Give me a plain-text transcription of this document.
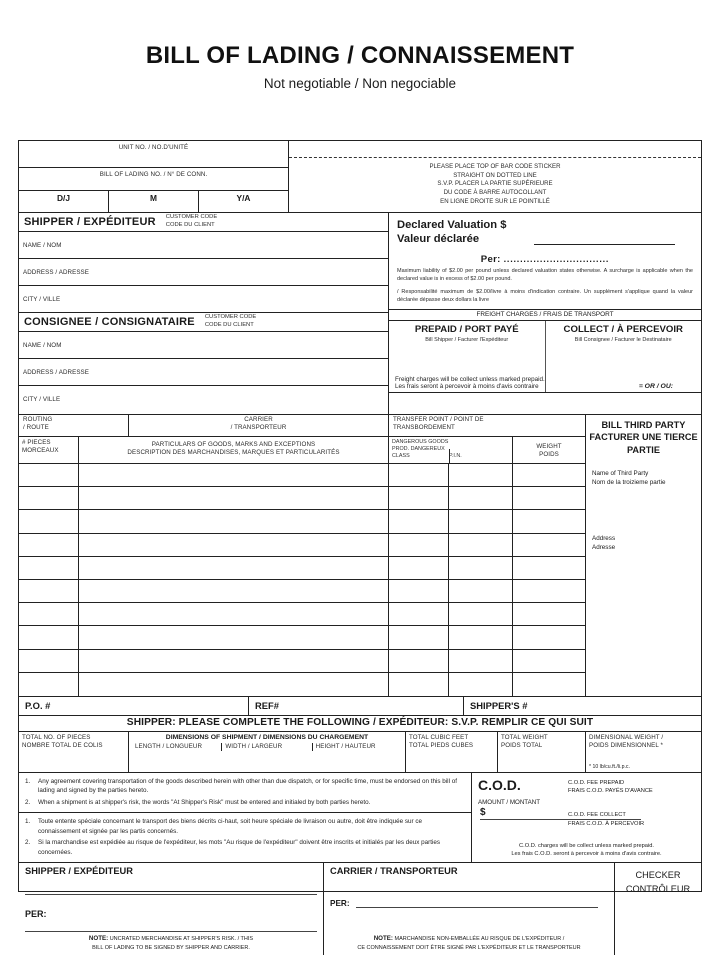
BILL OF LADING / CONNAISSEMENT
Not negotiable / Non negociable
UNIT NO. / NO.D'UNITÉ
BILL OF LADING NO. / N° DE CONN.
D/J	M	Y/A
PLEASE PLACE TOP OF BAR CODE STICKER
STRAIGHT ON DOTTED LINE
S.V.P. PLACER LA PARTIE SUPÉRIEURE
DU CODE À BARRE AUTOCOLLANT
EN LIGNE DROITE SUR LE POINTILLÉ
SHIPPER / EXPÉDITEUR CUSTOMER CODE
CODE DU CLIENT
NAME / NOM
ADDRESS / ADRESSE
CITY / VILLE
CONSIGNEE / CONSIGNATAIRE CUSTOMER CODE
CODE DU CLIENT
NAME / NOM
ADDRESS / ADRESSE
CITY / VILLE
Declared Valuation $
Valeur déclarée
Per: ................................
Maximum liability of $2.00 per pound unless declared valuation states otherwise. A surcharge is applicable when the declared value is in excess of $2.00 per pound.
/ Responsabilité maximum de $2.00/livre à moins d'indication contraire. Un supplément s'applique quand la valeur déclarée dépasse deux dollars la livre
FREIGHT CHARGES / FRAIS DE TRANSPORT
PREPAID / PORT PAYÉ
Bill Shipper / Facturer l'Expéditeur
COLLECT / À PERCEVOIR
Bill Consignee / Facturer le Destinataire
Freight charges will be collect unless marked prepaid.
Les frais seront à percevoir à moins d'avis contraire	= OR / OU:
ROUTING
/ ROUTE
CARRIER
/ TRANSPORTEUR
# PIECES
MORCEAUX
PARTICULARS OF GOODS, MARKS AND EXCEPTIONS
DESCRIPTION DES MARCHANDISES, MARQUES ET PARTICULARITÉS
TRANSFER POINT / POINT DE
TRANSBORDEMENT
DANGEROUS GOODS
PROD. DANGEREUX
CLASS	P.I.N.
WEIGHT
POIDS
BILL THIRD PARTY
FACTURER UNE TIERCE
PARTIE
Name of Third Party
Nom de la troizieme partie
Address
Adresse
P.O. #	REF#	SHIPPER'S #
SHIPPER: PLEASE COMPLETE THE FOLLOWING / EXPÉDITEUR: S.V.P. REMPLIR CE QUI SUIT
TOTAL NO. OF PIECES
NOMBRE TOTAL DE COLIS
DIMENSIONS OF SHIPMENT / DIMENSIONS DU CHARGEMENT
LENGTH / LONGUEUR	WIDTH / LARGEUR	HEIGHT / HAUTEUR
TOTAL CUBIC FEET
TOTAL PIEDS CUBES
TOTAL WEIGHT
POIDS TOTAL
DIMENSIONAL WEIGHT /
POIDS DIMENSIONNEL *
* 10 lb/cu.ft./li.p.c.
1.	Any agreement covering transportation of the goods described herein with other than due dispatch, or for specific time, must be endorsed on this bill of lading and signed by the parties hereto.
2.	When a shipment is at shipper's risk, the words "At Shipper's Risk" must be entered and initialed by both parties hereto.
1.	Toute entente spéciale concernant le transport des biens décrits ci-haut, soit heure spéciale de livraison ou autre, doit être indiquée sur ce connaissement et signée par les partis concernés.
2.	Si la marchandise est expédiée au risque de l'expéditeur, les mots "Au risque de l'expéditeur" doivent être inscrits et initialés par les deux parties concernées.
C.O.D.
AMOUNT / MONTANT
$
C.O.D. FEE PREPAID
FRAIS C.O.D. PAYÉS D'AVANCE
C.O.D. FEE COLLECT
FRAIS C.O.D. À PERCEVOIR
C.O.D. charges will be collect unless marked prepaid.
Les frais C.O.D. seront à percevoir à moins d'avis contraire.
SHIPPER / EXPÉDITEUR
PER:
NOTE: UNCRATED MERCHANDISE AT SHIPPER'S RISK. / THIS
BILL OF LADING TO BE SIGNED BY SHIPPER AND CARRIER.
CARRIER / TRANSPORTEUR
PER:
NOTE: MARCHANDISE NON-EMBALLÉE AU RISQUE DE L'EXPÉDITEUR /
CE CONNAISSEMENT DOIT ÊTRE SIGNÉ PAR L'EXPÉDITEUR ET LE TRANSPORTEUR
CHECKER
CONTRÔLEUR
